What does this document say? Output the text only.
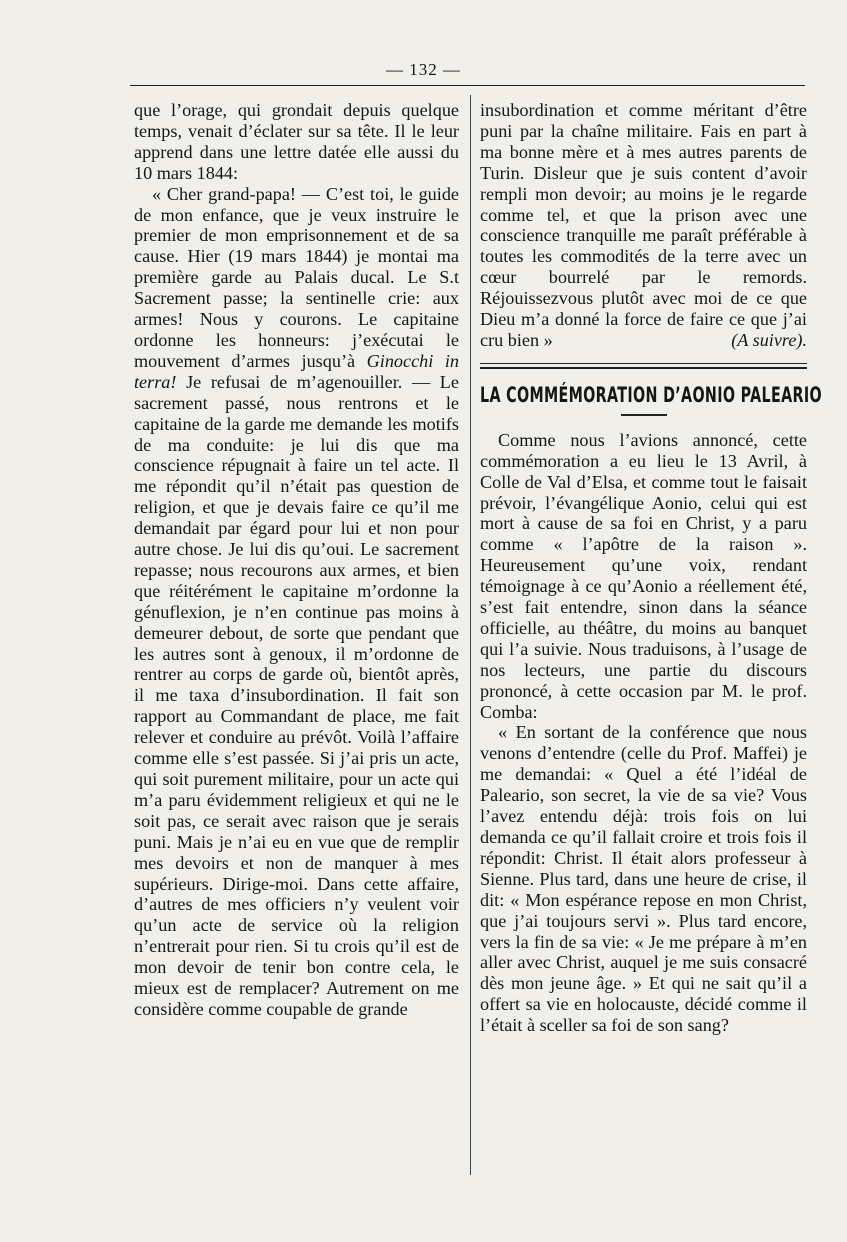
— 132 —

que l’orage, qui grondait depuis quelque temps, venait d’éclater sur sa tête. Il le leur apprend dans une lettre datée elle aussi du 10 mars 1844:

« Cher grand-papa! — C’est toi, le guide de mon enfance, que je veux instruire le premier de mon emprisonnement et de sa cause. Hier (19 mars 1844) je montai ma première garde au Palais ducal. Le S.t Sacrement passe; la sentinelle crie: aux armes! Nous y courons. Le capitaine ordonne les honneurs: j’exécutai le mouvement d’armes jusqu’à Ginocchi in terra! Je refusai de m’agenouiller. — Le sacrement passé, nous rentrons et le capitaine de la garde me demande les motifs de ma conduite: je lui dis que ma conscience répugnait à faire un tel acte. Il me répondit qu’il n’était pas question de religion, et que je devais faire ce qu’il me demandait par égard pour lui et non pour autre chose. Je lui dis qu’oui. Le sacrement repasse; nous recourons aux armes, et bien que réitérément le capitaine m’ordonne la génuflexion, je n’en continue pas moins à demeurer debout, de sorte que pendant que les autres sont à genoux, il m’ordonne de rentrer au corps de garde où, bientôt après, il me taxa d’insubordination. Il fait son rapport au Commandant de place, me fait relever et conduire au prévôt. Voilà l’affaire comme elle s’est passée. Si j’ai pris un acte, qui soit purement militaire, pour un acte qui m’a paru évidemment religieux et qui ne le soit pas, ce serait avec raison que je serais puni. Mais je n’ai eu en vue que de remplir mes devoirs et non de manquer à mes supérieurs. Dirige-moi. Dans cette affaire, d’autres de mes officiers n’y veulent voir qu’un acte de service où la religion n’entrerait pour rien. Si tu crois qu’il est de mon devoir de tenir bon contre cela, le mieux est de remplacer? Autrement on me considère comme coupable de grande

insubordination et comme méritant d’être puni par la chaîne militaire. Fais en part à ma bonne mère et à mes autres parents de Turin. Disleur que je suis content d’avoir rempli mon devoir; au moins je le regarde comme tel, et que la prison avec une conscience tranquille me paraît préférable à toutes les commodités de la terre avec un cœur bourrelé par le remords. Réjouissezvous plutôt avec moi de ce que Dieu m’a donné la force de faire ce que j’ai cru bien »	(A suivre).

LA COMMÉMORATION D’AONIO PALEARIO

Comme nous l’avions annoncé, cette commémoration a eu lieu le 13 Avril, à Colle de Val d’Elsa, et comme tout le faisait prévoir, l’évangélique Aonio, celui qui est mort à cause de sa foi en Christ, y a paru comme « l’apôtre de la raison ». Heureusement qu’une voix, rendant témoignage à ce qu’Aonio a réellement été, s’est fait entendre, sinon dans la séance officielle, au théâtre, du moins au banquet qui l’a suivie. Nous traduisons, à l’usage de nos lecteurs, une partie du discours prononcé, à cette occasion par M. le prof. Comba:

« En sortant de la conférence que nous venons d’entendre (celle du Prof. Maffei) je me demandai: « Quel a été l’idéal de Paleario, son secret, la vie de sa vie? Vous l’avez entendu déjà: trois fois on lui demanda ce qu’il fallait croire et trois fois il répondit: Christ. Il était alors professeur à Sienne. Plus tard, dans une heure de crise, il dit: « Mon espérance repose en mon Christ, que j’ai toujours servi ». Plus tard encore, vers la fin de sa vie: « Je me prépare à m’en aller avec Christ, auquel je me suis consacré dès mon jeune âge. » Et qui ne sait qu’il a offert sa vie en holocauste, décidé comme il l’était à sceller sa foi de son sang?
